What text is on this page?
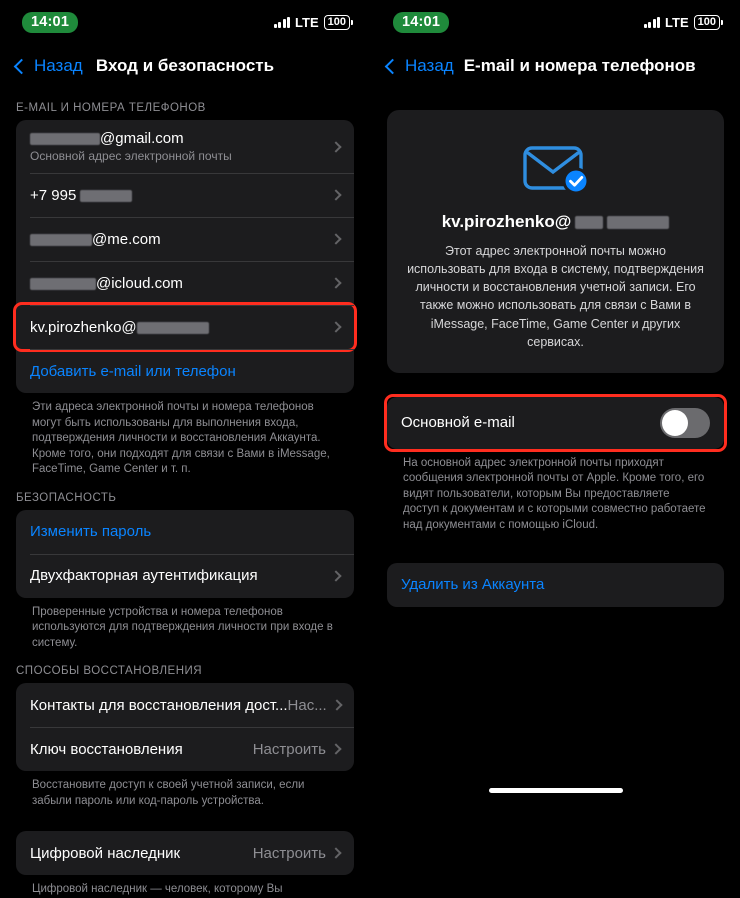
14:01	LTE 100
Назад Вход и безопасность
E-MAIL И НОМЕРА ТЕЛЕФОНОВ
@gmail.com
Основной адрес электронной почты
+7 995
@me.com
@icloud.com
kv.pirozhenko@
Добавить e-mail или телефон
Эти адреса электронной почты и номера телефонов могут быть использованы для выполнения входа, подтверждения личности и восстановления Аккаунта. Кроме того, они подходят для связи с Вами в iMessage, FaceTime, Game Center и т. п.
БЕЗОПАСНОСТЬ
Изменить пароль
Двухфакторная аутентификация
Проверенные устройства и номера телефонов используются для подтверждения личности при входе в систему.
СПОСОБЫ ВОССТАНОВЛЕНИЯ
Контакты для восстановления дост... Нас...
Ключ восстановления	Настроить
Восстановите доступ к своей учетной записи, если забыли пароль или код-пароль устройства.
Цифровой наследник	Настроить
Цифровой наследник — человек, которому Вы
14:01	LTE 100
Назад E-mail и номера телефонов
kv.pirozhenko@
Этот адрес электронной почты можно использовать для входа в систему, подтверждения личности и восстановления учетной записи. Его также можно использовать для связи с Вами в iMessage, FaceTime, Game Center и других сервисах.
Основной e-mail
На основной адрес электронной почты приходят сообщения электронной почты от Apple. Кроме того, его видят пользователи, которым Вы предоставляете доступ к документам и с которыми совместно работаете над документами с помощью iCloud.
Удалить из Аккаунта
